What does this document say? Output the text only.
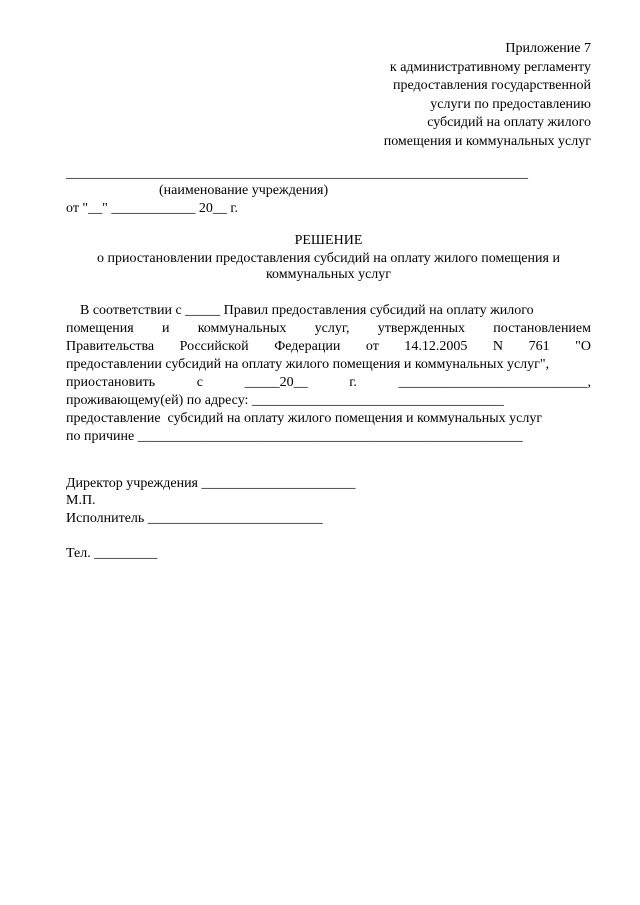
Приложение 7
к административному регламенту
предоставления государственной
услуги по предоставлению
субсидий на оплату жилого
помещения и коммунальных услуг
__________________________________________________________________
(наименование учреждения)
от "__" ____________ 20__ г.
РЕШЕНИЕ
о приостановлении предоставления субсидий на оплату жилого помещения и
коммунальных услуг
В соответствии с _____ Правил предоставления субсидий на оплату жилого
помещения и коммунальных услуг, утвержденных постановлением
Правительства Российской Федерации от 14.12.2005 N 761 "О
предоставлении субсидий на оплату жилого помещения и коммунальных услуг",
приостановить	с	_____20__	г.	___________________________,
проживающему(ей) по адресу: ____________________________________
предоставление  субсидий на оплату жилого помещения и коммунальных услуг
по причине _______________________________________________________
Директор учреждения ______________________
М.П.
Исполнитель _________________________
Тел. _________
